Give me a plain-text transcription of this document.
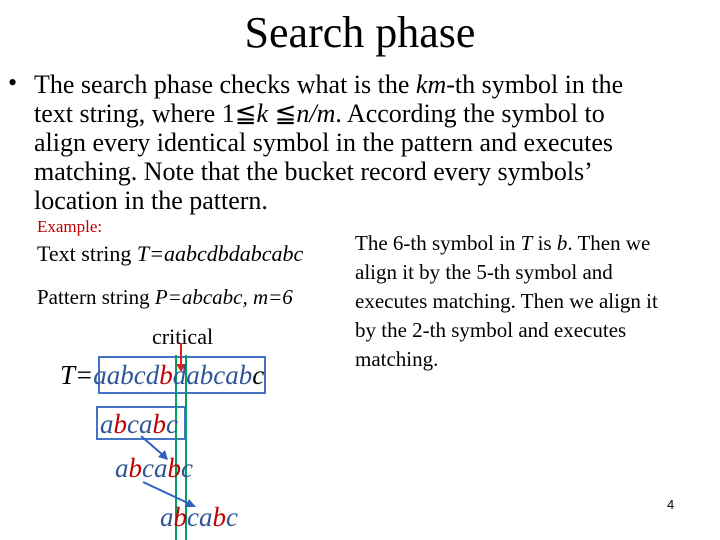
Search phase
• The search phase checks what is the km-th symbol in the
text string, where 1≦k ≦n/m. According the symbol to
align every identical symbol in the pattern and executes
matching. Note that the bucket record every symbols’
location in the pattern.
Example:
Text string T=aabcdbdabcabc
Pattern string P=abcabc, m=6
critical
The 6-th symbol in T is b. Then we
align it by the 5-th symbol and
executes matching. Then we align it
by the 2-th symbol and executes
matching.
T=aabcdbdabcabc
abcabc
abcabc
abcabc	4
